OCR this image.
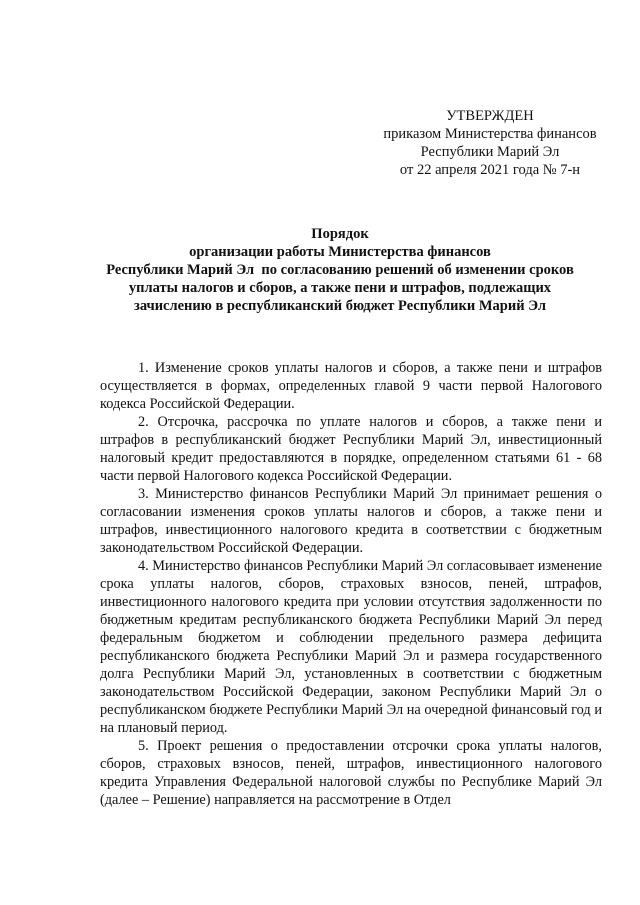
УТВЕРЖДЕН
приказом Министерства финансов
Республики Марий Эл
от 22 апреля 2021 года № 7-н
Порядок
организации работы Министерства финансов
Республики Марий Эл  по согласованию решений об изменении сроков
уплаты налогов и сборов, а также пени и штрафов, подлежащих
зачислению в республиканский бюджет Республики Марий Эл

1. Изменение сроков уплаты налогов и сборов, а также пени и штрафов осуществляется в формах, определенных главой 9 части первой Налогового кодекса Российской Федерации.

2. Отсрочка, рассрочка по уплате налогов и сборов, а также пени и штрафов в республиканский бюджет Республики Марий Эл, инвестиционный налоговый кредит предоставляются в порядке, определенном статьями 61 - 68 части первой Налогового кодекса Российской Федерации.

3. Министерство финансов Республики Марий Эл принимает решения о согласовании изменения сроков уплаты налогов и сборов, а также пени и штрафов, инвестиционного налогового кредита в соответствии с бюджетным законодательством Российской Федерации.

4. Министерство финансов Республики Марий Эл согласовывает изменение срока уплаты налогов, сборов, страховых взносов, пеней, штрафов, инвестиционного налогового кредита при условии отсутствия задолженности по бюджетным кредитам республиканского бюджета Республики Марий Эл перед федеральным бюджетом и соблюдении предельного размера дефицита республиканского бюджета Республики Марий Эл и размера государственного долга Республики Марий Эл, установленных в соответствии с бюджетным законодательством Российской Федерации, законом Республики Марий Эл о республиканском бюджете Республики Марий Эл на очередной финансовый год и на плановый период.

5. Проект решения о предоставлении отсрочки срока уплаты налогов, сборов, страховых взносов, пеней, штрафов, инвестиционного налогового кредита Управления Федеральной налоговой службы по Республике Марий Эл (далее – Решение) направляется на рассмотрение в Отдел
